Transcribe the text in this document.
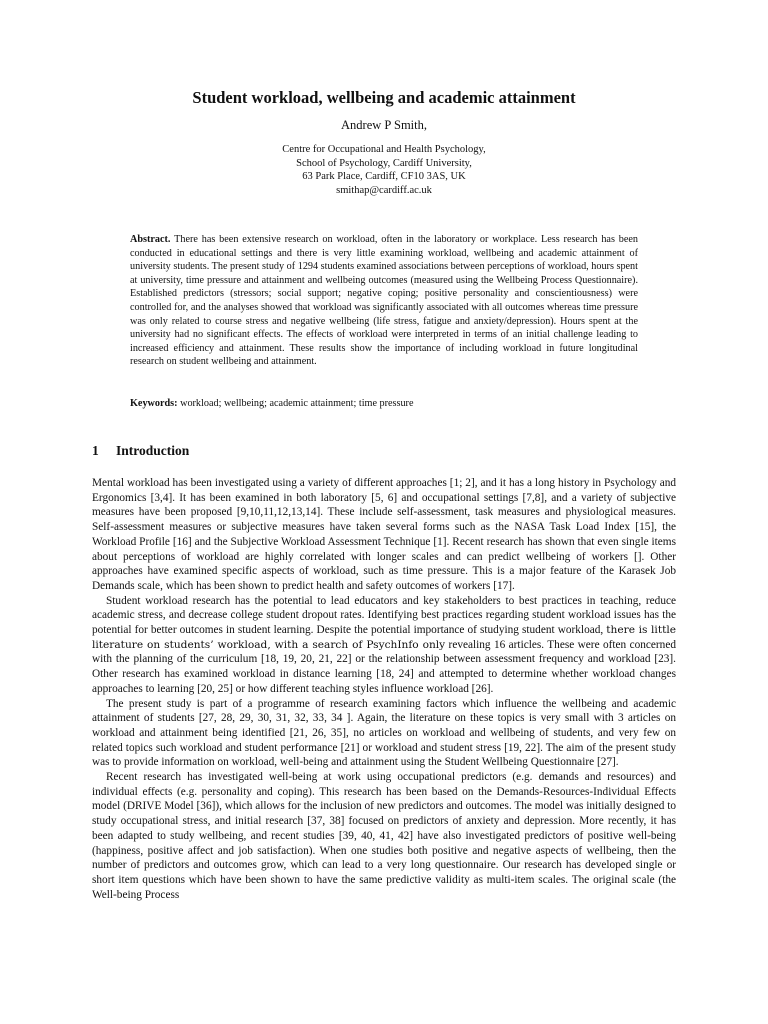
Student workload, wellbeing and academic attainment
Andrew P Smith,
Centre for Occupational and Health Psychology,
School of Psychology, Cardiff University,
63 Park Place, Cardiff, CF10 3AS, UK
smithap@cardiff.ac.uk
Abstract. There has been extensive research on workload, often in the laboratory or workplace. Less research has been conducted in educational settings and there is very little examining workload, wellbeing and academic attainment of university students. The present study of 1294 students examined associations between perceptions of workload, hours spent at university, time pressure and attainment and wellbeing outcomes (measured using the Wellbeing Process Questionnaire). Established predictors (stressors; social support; negative coping; positive personality and conscientiousness) were controlled for, and the analyses showed that workload was significantly associated with all outcomes whereas time pressure was only related to course stress and negative wellbeing (life stress, fatigue and anxiety/depression). Hours spent at the university had no significant effects. The effects of workload were interpreted in terms of an initial challenge leading to increased efficiency and attainment. These results show the importance of including workload in future longitudinal research on student wellbeing and attainment.
Keywords: workload; wellbeing; academic attainment; time pressure
1 Introduction

Mental workload has been investigated using a variety of different approaches [1; 2], and it has a long history in Psychology and Ergonomics [3,4]. It has been examined in both laboratory [5, 6] and occupational settings [7,8], and a variety of subjective measures have been proposed [9,10,11,12,13,14]. These include self-assessment, task measures and physiological measures. Self-assessment measures or subjective measures have taken several forms such as the NASA Task Load Index [15], the Workload Profile [16] and the Subjective Workload Assessment Technique [1]. Recent research has shown that even single items about perceptions of workload are highly correlated with longer scales and can predict wellbeing of workers []. Other approaches have examined specific aspects of workload, such as time pressure. This is a major feature of the Karasek Job Demands scale, which has been shown to predict health and safety outcomes of workers [17].

Student workload research has the potential to lead educators and key stakeholders to best practices in teaching, reduce academic stress, and decrease college student dropout rates. Identifying best practices regarding student workload issues has the potential for better outcomes in student learning. Despite the potential importance of studying student workload, there is little literature on students’ workload, with a search of PsychInfo only revealing 16 articles. These were often concerned with the planning of the curriculum [18, 19, 20, 21, 22] or the relationship between assessment frequency and workload [23]. Other research has examined workload in distance learning [18, 24] and attempted to determine whether workload changes approaches to learning [20, 25] or how different teaching styles influence workload [26].

The present study is part of a programme of research examining factors which influence the wellbeing and academic attainment of students [27, 28, 29, 30, 31, 32, 33, 34 ]. Again, the literature on these topics is very small with 3 articles on workload and attainment being identified [21, 26, 35], no articles on workload and wellbeing of students, and very few on related topics such workload and student performance [21] or workload and student stress [19, 22]. The aim of the present study was to provide information on workload, well-being and attainment using the Student Wellbeing Questionnaire [27].

Recent research has investigated well-being at work using occupational predictors (e.g. demands and resources) and individual effects (e.g. personality and coping). This research has been based on the Demands-Resources-Individual Effects model (DRIVE Model [36]), which allows for the inclusion of new predictors and outcomes. The model was initially designed to study occupational stress, and initial research [37, 38] focused on predictors of anxiety and depression. More recently, it has been adapted to study wellbeing, and recent studies [39, 40, 41, 42] have also investigated predictors of positive well-being (happiness, positive affect and job satisfaction). When one studies both positive and negative aspects of wellbeing, then the number of predictors and outcomes grow, which can lead to a very long questionnaire. Our research has developed single or short item questions which have been shown to have the same predictive validity as multi-item scales. The original scale (the Well-being Process
